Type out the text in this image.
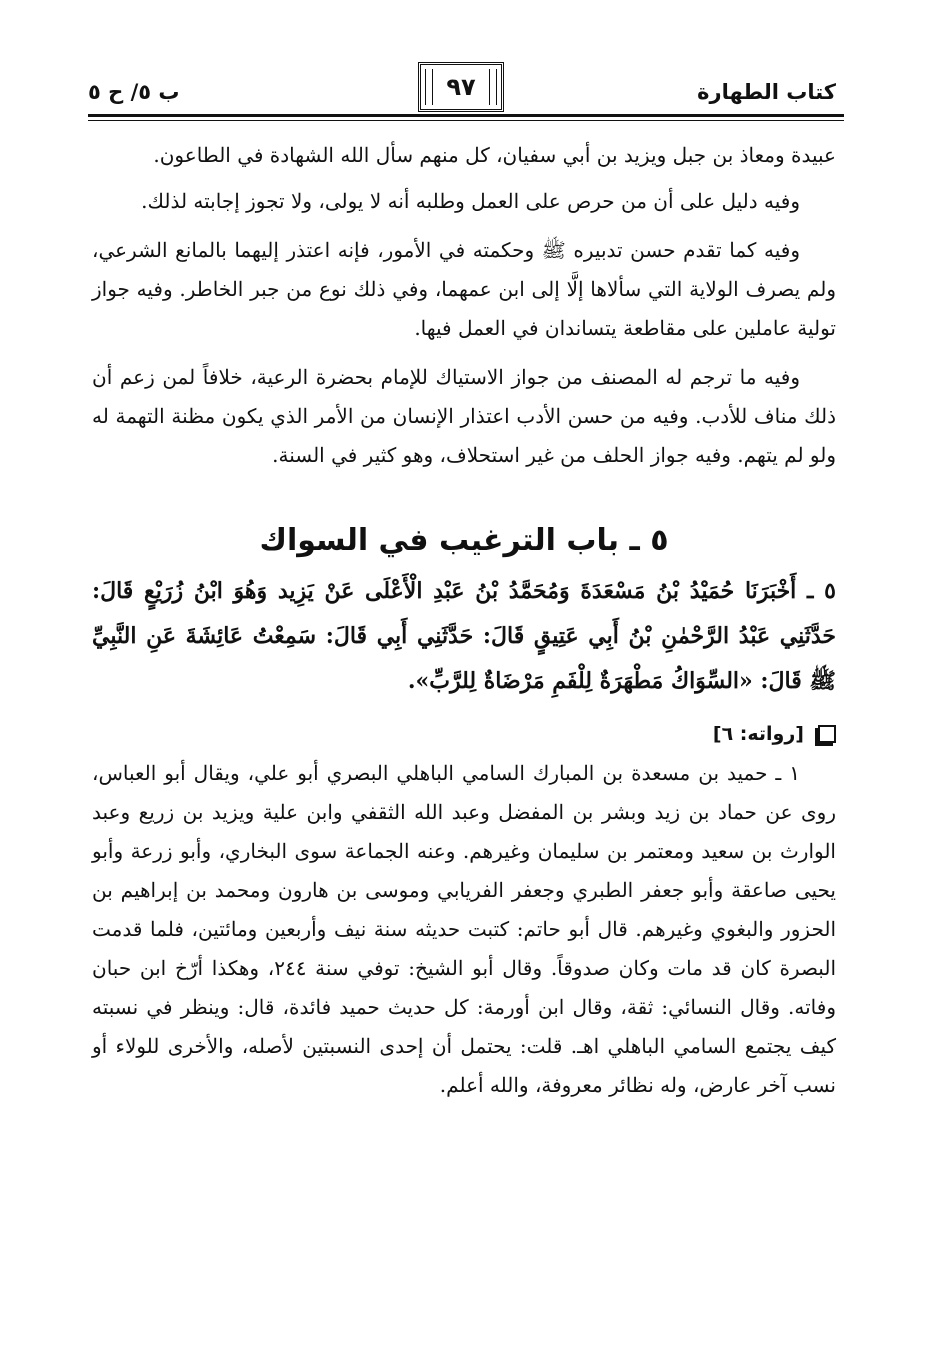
كتاب الطهارة
٩٧
ب ٥/ ح ٥

عبيدة ومعاذ بن جبل ويزيد بن أبي سفيان، كل منهم سأل الله الشهادة في الطاعون.

وفيه دليل على أن من حرص على العمل وطلبه أنه لا يولى، ولا تجوز إجابته لذلك.

وفيه كما تقدم حسن تدبيره ﷺ وحكمته في الأمور، فإنه اعتذر إليهما بالمانع الشرعي، ولم يصرف الولاية التي سألاها إلَّا إلى ابن عمهما، وفي ذلك نوع من جبر الخاطر. وفيه جواز تولية عاملين على مقاطعة يتساندان في العمل فيها.

وفيه ما ترجم له المصنف من جواز الاستياك للإمام بحضرة الرعية، خلافاً لمن زعم أن ذلك مناف للأدب. وفيه من حسن الأدب اعتذار الإنسان من الأمر الذي يكون مظنة التهمة له ولو لم يتهم. وفيه جواز الحلف من غير استحلاف، وهو كثير في السنة.

٥ ـ باب الترغيب في السواك

٥ ـ أَخْبَرَنَا حُمَيْدُ بْنُ مَسْعَدَةَ وَمُحَمَّدُ بْنُ عَبْدِ الْأَعْلَى عَنْ يَزِيد وَهُوَ ابْنُ زُرَيْعٍ قَالَ: حَدَّثَنِي عَبْدُ الرَّحْمٰنِ بْنُ أَبِي عَتِيقٍ قَالَ: حَدَّثَنِي أَبِي قَالَ: سَمِعْتُ عَائِشَةَ عَنِ النَّبِيِّ ﷺ قَالَ: «السِّوَاكُ مَطْهَرَةٌ لِلْفَمِ مَرْضَاةٌ لِلرَّبِّ».

[رواته: ٦]

١ ـ حميد بن مسعدة بن المبارك السامي الباهلي البصري أبو علي، ويقال أبو العباس، روى عن حماد بن زيد وبشر بن المفضل وعبد الله الثقفي وابن علية ويزيد بن زريع وعبد الوارث بن سعيد ومعتمر بن سليمان وغيرهم. وعنه الجماعة سوى البخاري، وأبو زرعة وأبو يحيى صاعقة وأبو جعفر الطبري وجعفر الفريابي وموسى بن هارون ومحمد بن إبراهيم بن الحزور والبغوي وغيرهم. قال أبو حاتم: كتبت حديثه سنة نيف وأربعين ومائتين، فلما قدمت البصرة كان قد مات وكان صدوقاً. وقال أبو الشيخ: توفي سنة ٢٤٤، وهكذا أرّخ ابن حبان وفاته. وقال النسائي: ثقة، وقال ابن أورمة: كل حديث حميد فائدة، قال: وينظر في نسبته كيف يجتمع السامي الباهلي اهـ. قلت: يحتمل أن إحدى النسبتين لأصله، والأخرى للولاء أو نسب آخر عارض، وله نظائر معروفة، والله أعلم.
